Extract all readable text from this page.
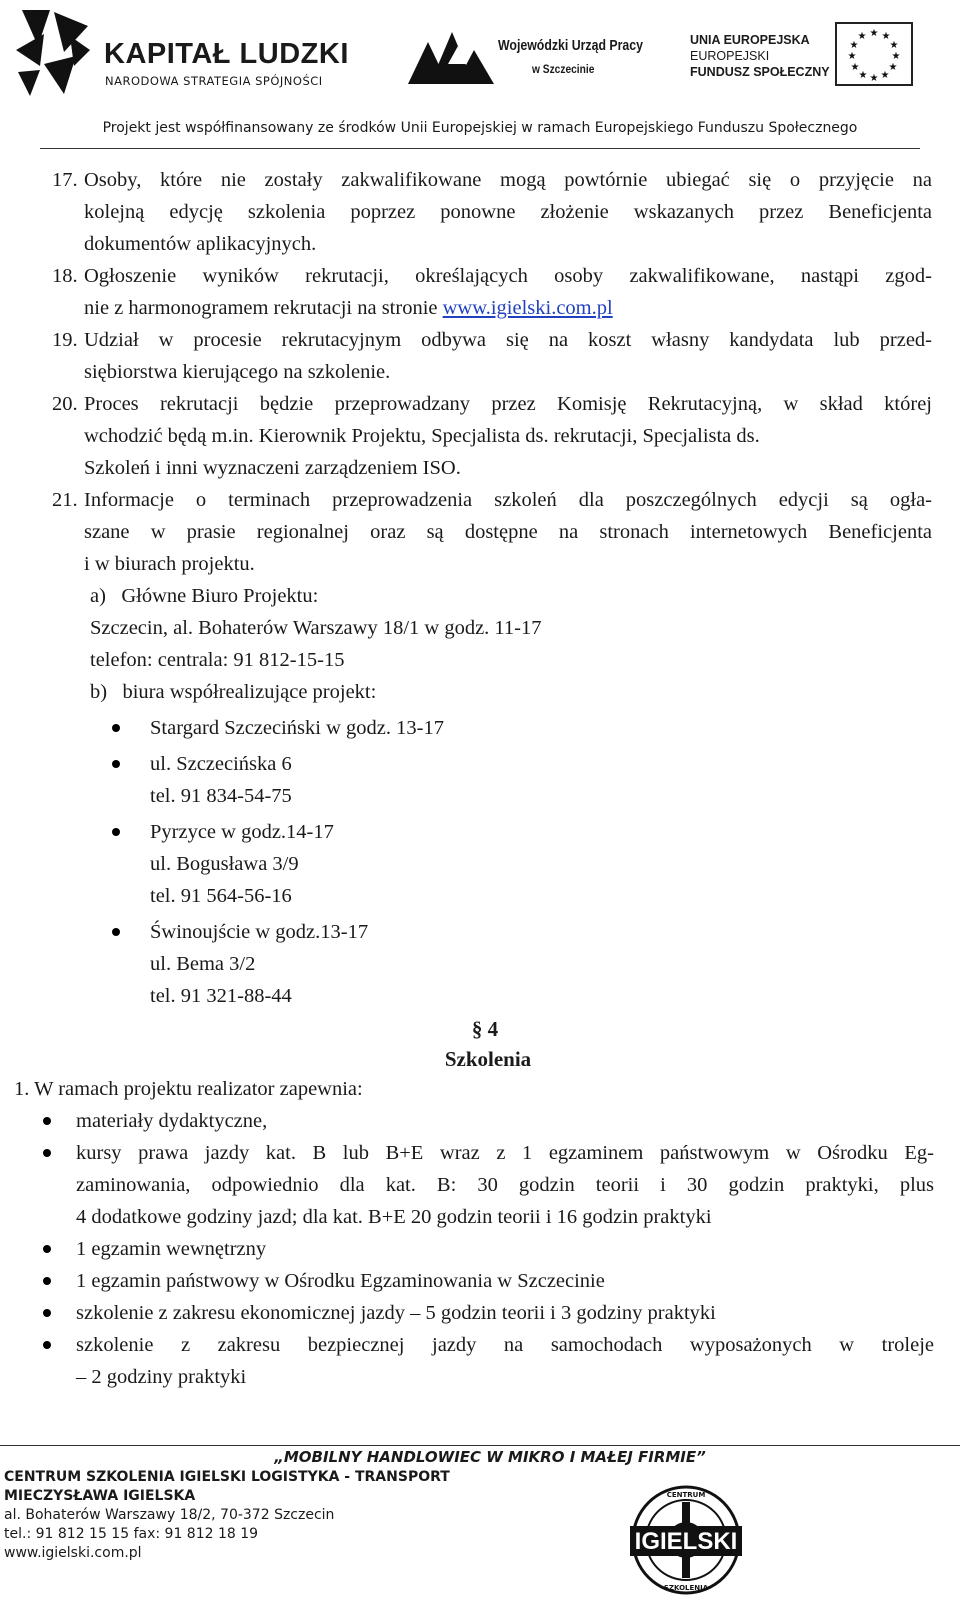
KAPITAŁ LUDZKI
NARODOWA STRATEGIA SPÓJNOŚCI
Wojewódzki Urząd Pracy
w Szczecinie
UNIA EUROPEJSKA
EUROPEJSKI
FUNDUSZ SPOŁECZNY
★ ★
★
★
★
★
★
★
★
★
★
★
Projekt jest współfinansowany ze środków Unii Europejskiej w ramach Europejskiego Funduszu Społecznego
17. Osoby, które nie zostały zakwalifikowane mogą powtórnie ubiegać się o przyjęcie na
kolejną edycję szkolenia poprzez ponowne złożenie wskazanych przez Beneficjenta
dokumentów aplikacyjnych.
18. Ogłoszenie wyników rekrutacji, określających osoby zakwalifikowane, nastąpi zgod-
nie z harmonogramem rekrutacji na stronie www.igielski.com.pl
19. Udział w procesie rekrutacyjnym odbywa się na koszt własny kandydata lub przed-
siębiorstwa kierującego na szkolenie.
20. Proces rekrutacji będzie przeprowadzany przez Komisję Rekrutacyjną, w skład której
wchodzić będą m.in. Kierownik Projektu, Specjalista ds. rekrutacji, Specjalista ds.
Szkoleń i inni wyznaczeni zarządzeniem ISO.
21. Informacje o terminach przeprowadzenia szkoleń dla poszczególnych edycji są ogła-
szane w prasie regionalnej oraz są dostępne na stronach internetowych Beneficjenta
i w biurach projektu.
a) Główne Biuro Projektu:
Szczecin, al. Bohaterów Warszawy 18/1 w godz. 11-17
telefon: centrala: 91 812-15-15
b) biura współrealizujące projekt:
Stargard Szczeciński w godz. 13-17
ul. Szczecińska 6
tel. 91 834-54-75
Pyrzyce w godz.14-17
ul. Bogusława 3/9
tel. 91 564-56-16
Świnoujście w godz.13-17
ul. Bema 3/2
tel. 91 321-88-44
§ 4
Szkolenia
1. W ramach projektu realizator zapewnia:
materiały dydaktyczne,
kursy prawa jazdy kat. B lub B+E wraz z 1 egzaminem państwowym w Ośrodku Eg-
zaminowania, odpowiednio dla kat. B: 30 godzin teorii i 30 godzin praktyki, plus
4 dodatkowe godziny jazd; dla kat. B+E 20 godzin teorii i 16 godzin praktyki
1 egzamin wewnętrzny
1 egzamin państwowy w Ośrodku Egzaminowania w Szczecinie
szkolenie z zakresu ekonomicznej jazdy – 5 godzin teorii i 3 godziny praktyki
szkolenie z zakresu bezpiecznej jazdy na samochodach wyposażonych w troleje
– 2 godziny praktyki
„MOBILNY HANDLOWIEC W MIKRO I MAŁEJ FIRMIE”
CENTRUM SZKOLENIA IGIELSKI LOGISTYKA - TRANSPORT
MIECZYSŁAWA IGIELSKA
al. Bohaterów Warszawy 18/2, 70-372 Szczecin
tel.: 91 812 15 15 fax: 91 812 18 19
www.igielski.com.pl	IGIELSKI
CENTRUM
SZKOLENIA
